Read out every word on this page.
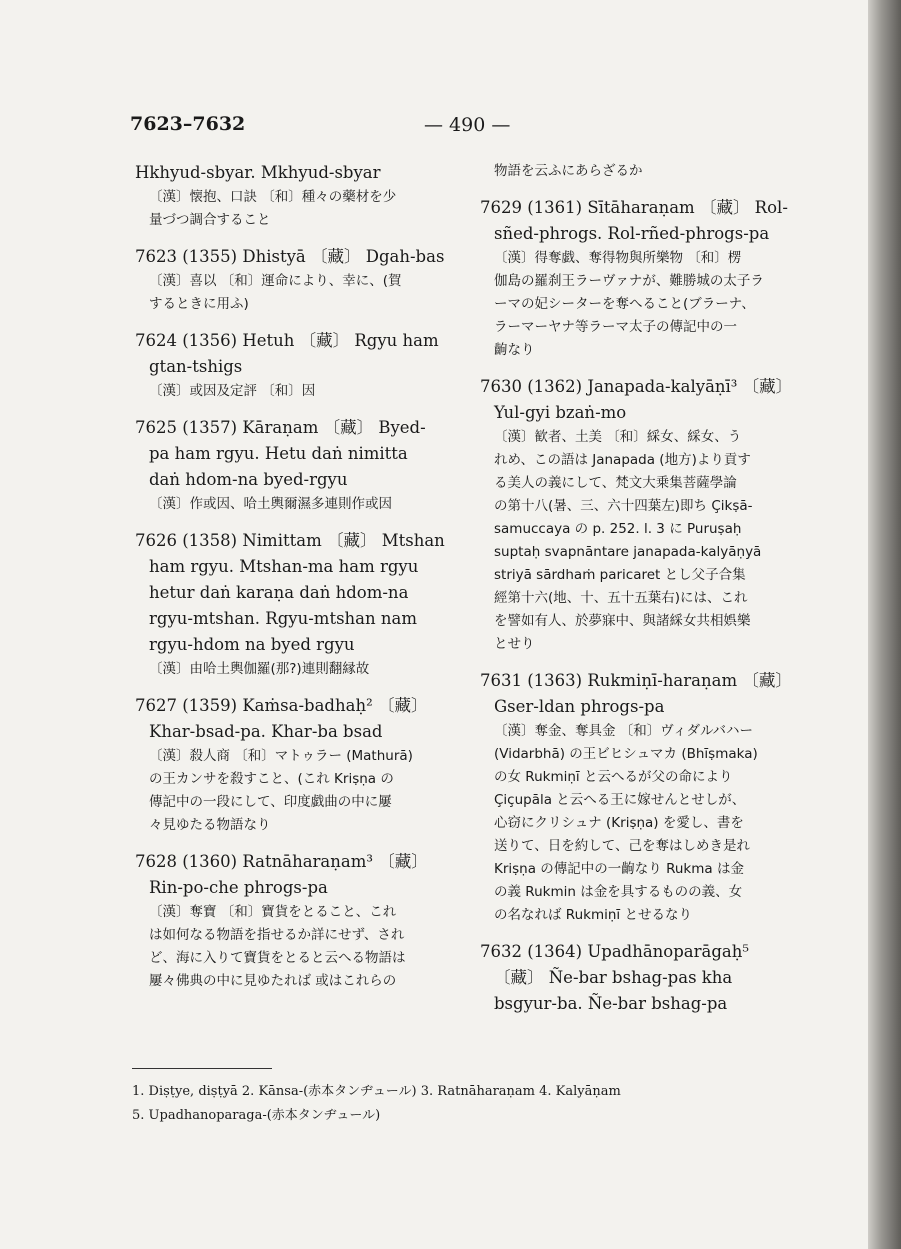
7623–7632	— 490 —
Hkhyud-sbyar. Mkhyud-sbyar
〔漢〕懐抱、口訣 〔和〕種々の藥材を少
量づつ調合すること
7623 (1355) Dhistyā 〔藏〕 Dgah-bas
〔漢〕喜以 〔和〕運命により、幸に、(賀
するときに用ふ)
7624 (1356) Hetuh 〔藏〕 Rgyu ham
gtan-tshigs
〔漢〕或因及定評 〔和〕因
7625 (1357) Kāraṇam 〔藏〕 Byed-
pa ham rgyu. Hetu daṅ nimitta
daṅ hdom-na byed-rgyu
〔漢〕作或因、哈土輿爾濕多連則作或因
7626 (1358) Nimittam 〔藏〕 Mtshan
ham rgyu. Mtshan-ma ham rgyu
hetur daṅ karaṇa daṅ hdom-na
rgyu-mtshan. Rgyu-mtshan nam
rgyu-hdom na byed rgyu
〔漢〕由哈土輿伽羅(那?)連則翻縁故
7627 (1359) Kaṁsa-badhaḥ² 〔藏〕
Khar-bsad-pa. Khar-ba bsad
〔漢〕殺人商 〔和〕マトゥラー (Mathurā)
の王カンサを殺すこと、(これ Kriṣṇa の
傳記中の一段にして、印度戯曲の中に屢
々見ゆたる物語なり
7628 (1360) Ratnāharaṇam³ 〔藏〕
Rin-po-che phrogs-pa
〔漢〕奪寶 〔和〕寶貨をとること、これ
は如何なる物語を指せるか詳にせず、され
ど、海に入りて寶貨をとると云へる物語は
屢々佛典の中に見ゆたれば 或はこれらの
物語を云ふにあらざるか
7629 (1361) Sītāharaṇam 〔藏〕 Rol-
sñed-phrogs. Rol-rñed-phrogs-pa
〔漢〕得奪戯、奪得物與所樂物 〔和〕楞
伽島の羅刹王ラーヴァナが、難勝城の太子ラ
ーマの妃シーターを奪へること(ブラーナ、
ラーマーヤナ等ラーマ太子の傳記中の一
齣なり
7630 (1362) Janapada-kalyāṇī³ 〔藏〕
Yul-gyi bzaṅ-mo
〔漢〕歓者、土美 〔和〕綵女、綵女、う
れめ、この語は Janapada (地方)より貢す
る美人の義にして、梵文大乗集菩薩學論
の第十八(暑、三、六十四葉左)即ち Çikṣā-
samuccaya の p. 252. l. 3 に Puruṣaḥ
suptaḥ svapnāntare janapada-kalyāṇyā
striyā sārdhaṁ paricaret とし父子合集
經第十六(地、十、五十五葉右)には、これ
を譬如有人、於夢寐中、與諸綵女共相娯樂
とせり
7631 (1363) Rukmiṇī-haraṇam 〔藏〕
Gser-ldan phrogs-pa
〔漢〕奪金、奪具金 〔和〕ヴィダルバハー
(Vidarbhā) の王ビヒシュマカ (Bhīṣmaka)
の女 Rukmiṇī と云へるが父の命により
Çiçupāla と云へる王に嫁せんとせしが、
心窃にクリシュナ (Kriṣṇa) を愛し、書を
送りて、日を約して、己を奪はしめき是れ
Kriṣṇa の傳記中の一齣なり Rukma は金
の義 Rukmin は金を具するものの義、女
の名なれば Rukmiṇī とせるなり
7632 (1364) Upadhānoparāgaḥ⁵
〔藏〕 Ñe-bar bshag-pas kha
bsgyur-ba. Ñe-bar bshag-pa
1. Diṣṭye, diṣṭyā 2. Kānsa-(赤本タンヂュール) 3. Ratnāharaṇam 4. Kalyāṇam
5. Upadhanoparaga-(赤本タンヂュール)
